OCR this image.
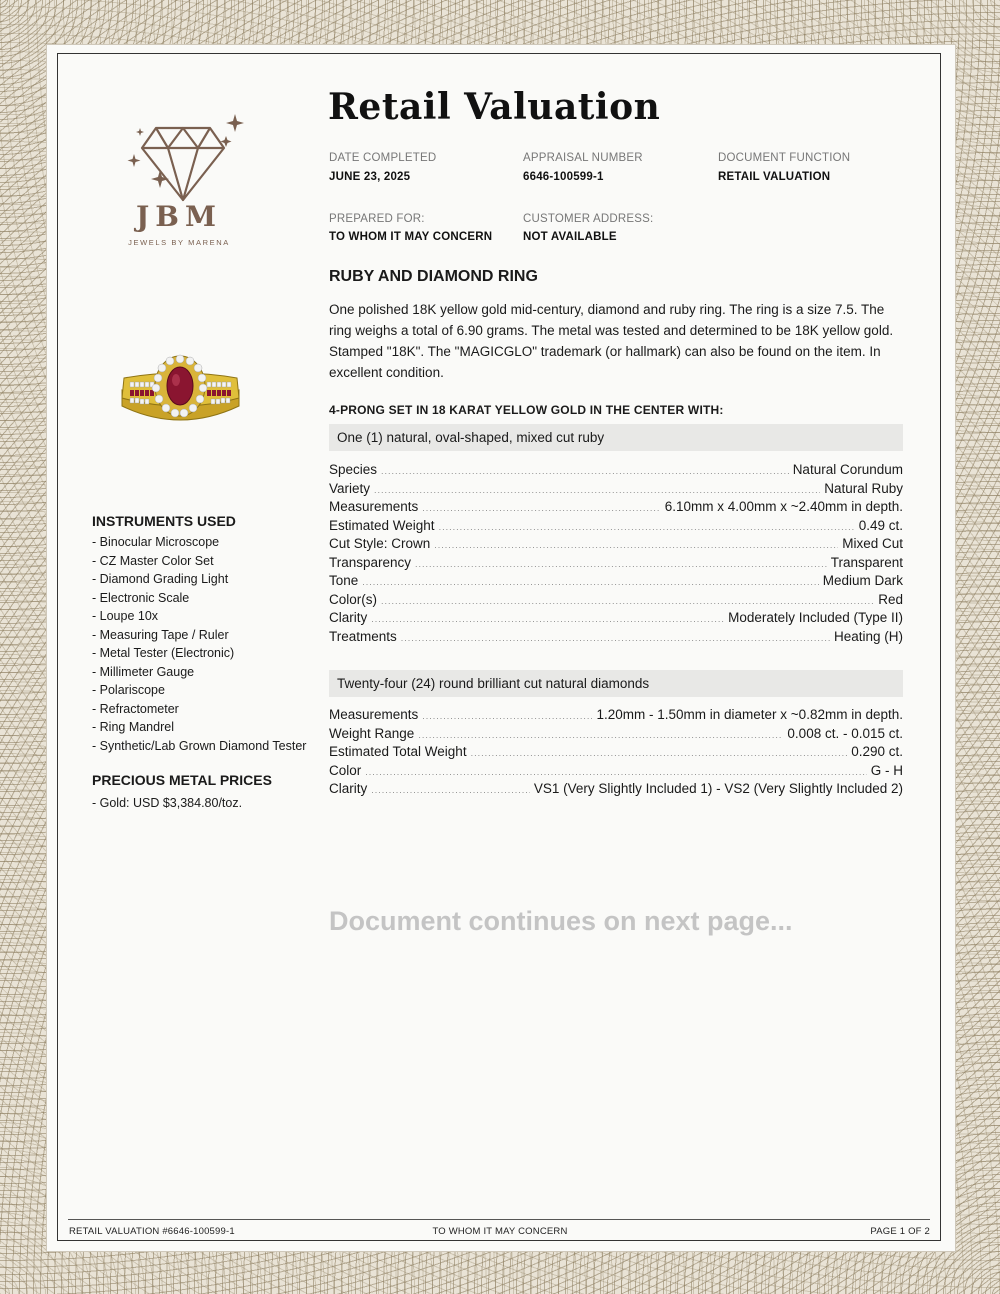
JBM
JEWELS BY MARENA
Retail Valuation
DATE COMPLETED
JUNE 23, 2025
APPRAISAL NUMBER
6646-100599-1
DOCUMENT FUNCTION
RETAIL VALUATION
PREPARED FOR:
TO WHOM IT MAY CONCERN
CUSTOMER ADDRESS:
NOT AVAILABLE
RUBY AND DIAMOND RING
One polished 18K yellow gold mid-century, diamond and ruby ring. The ring is a size 7.5. The ring weighs a total of 6.90 grams. The metal was tested and determined to be 18K yellow gold. Stamped "18K". The "MAGICGLO" trademark (or hallmark) can also be found on the item. In excellent condition.
4-PRONG SET IN 18 KARAT YELLOW GOLD IN THE CENTER WITH:
One (1) natural, oval-shaped, mixed cut ruby
Species .....	Natural Corundum
Variety .....	Natural Ruby
Measurements .....	6.10mm x 4.00mm x ~2.40mm in depth.
Estimated Weight .....	0.49 ct.
Cut Style: Crown .....	Mixed Cut
Transparency .....	Transparent
Tone .....	Medium Dark
Color(s) .....	Red
Clarity .....	Moderately Included (Type II)
Treatments .....	Heating (H)
Twenty-four (24) round brilliant cut natural diamonds
Measurements .....	1.20mm - 1.50mm in diameter x ~0.82mm in depth.
Weight Range .....	0.008 ct. - 0.015 ct.
Estimated Total Weight .....	0.290 ct.
Color .....	G - H
Clarity .....	VS1 (Very Slightly Included 1) - VS2 (Very Slightly Included 2)
INSTRUMENTS USED
- Binocular Microscope
- CZ Master Color Set
- Diamond Grading Light
- Electronic Scale
- Loupe 10x
- Measuring Tape / Ruler
- Metal Tester (Electronic)
- Millimeter Gauge
- Polariscope
- Refractometer
- Ring Mandrel
- Synthetic/Lab Grown Diamond Tester
PRECIOUS METAL PRICES
- Gold: USD $3,384.80/toz.
Document continues on next page...
RETAIL VALUATION #6646-100599-1	TO WHOM IT MAY CONCERN	PAGE 1 OF 2
